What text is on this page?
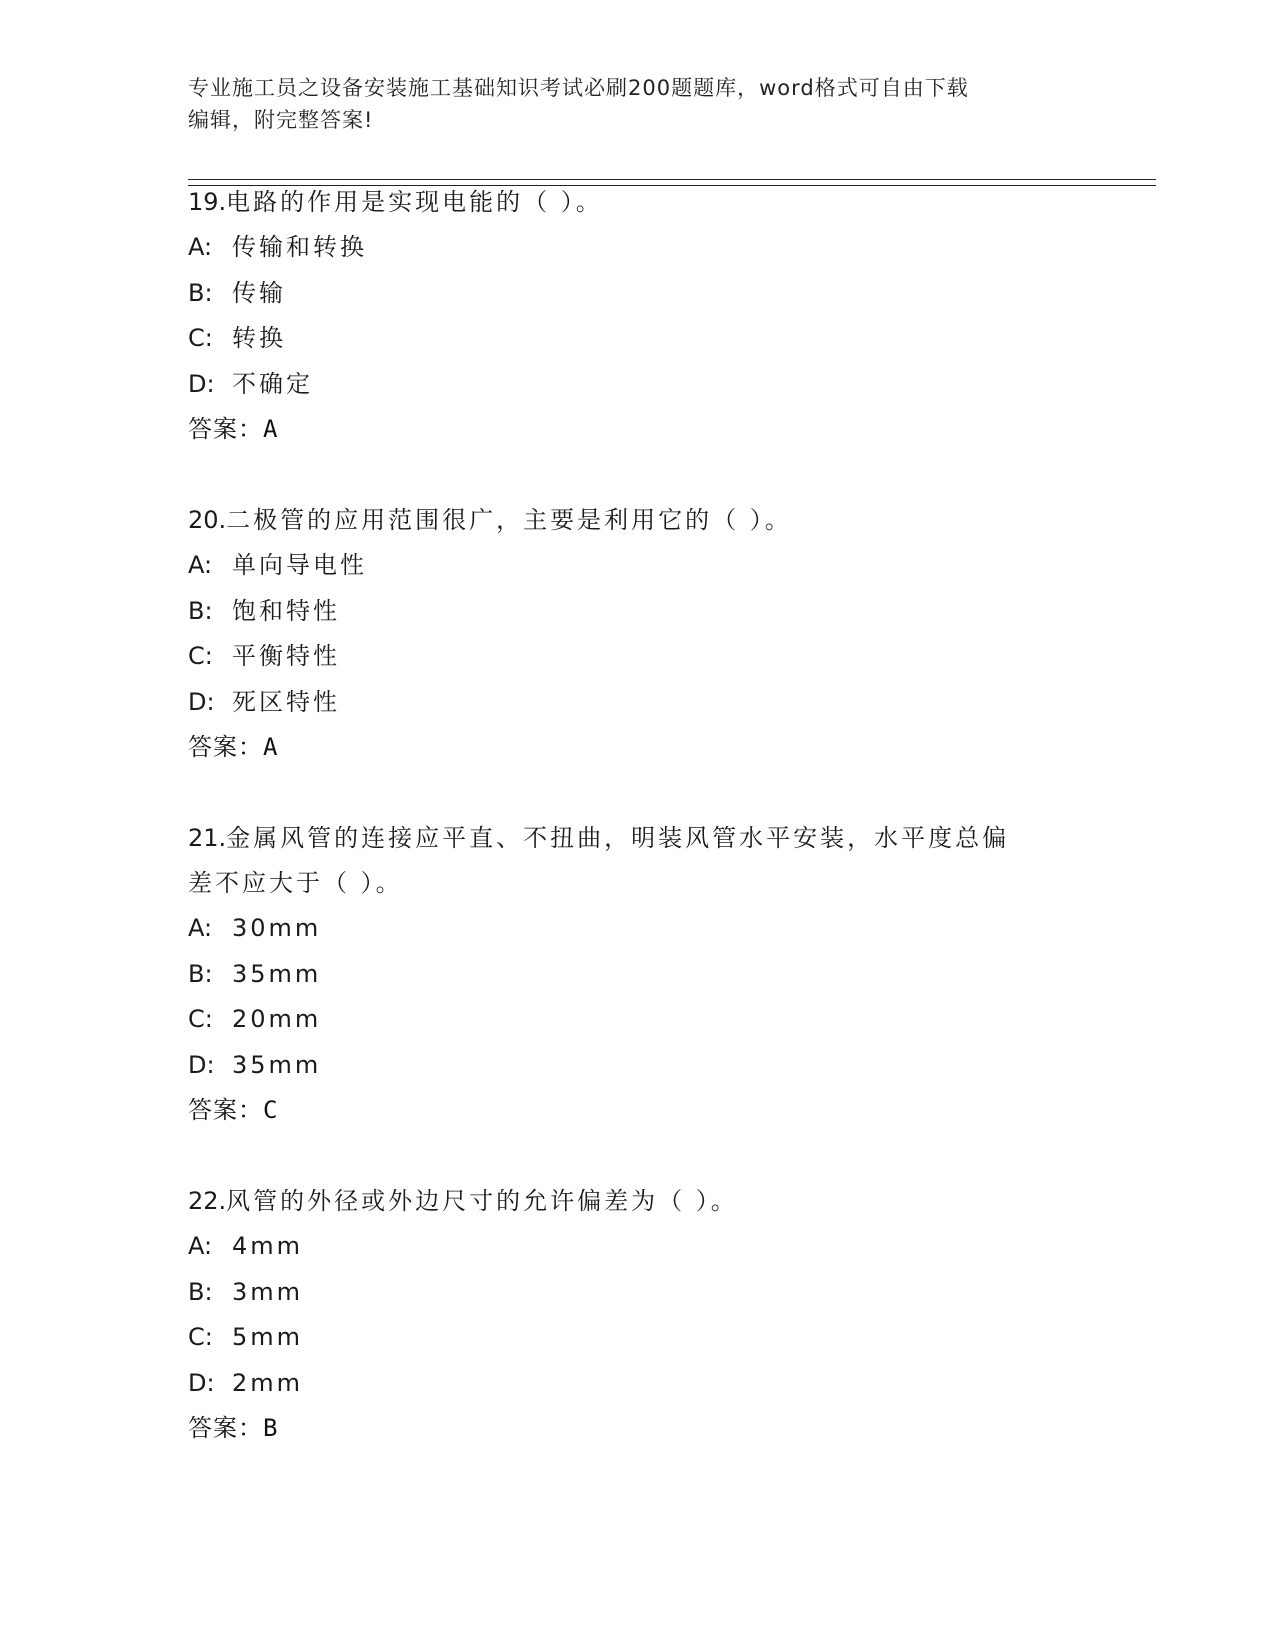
专业施工员之设备安装施工基础知识考试必刷200题题库，word格式可自由下载
编辑，附完整答案!
19.电路的作用是实现电能的（ ）。
A: 传输和转换
B: 传输
C: 转换
D: 不确定
答案：A
20.二极管的应用范围很广，主要是利用它的（ ）。
A: 单向导电性
B: 饱和特性
C: 平衡特性
D: 死区特性
答案：A
21.金属风管的连接应平直、不扭曲，明装风管水平安装，水平度总偏
差不应大于（ ）。
A: 30mm
B: 35mm
C: 20mm
D: 35mm
答案：C
22.风管的外径或外边尺寸的允许偏差为（ ）。
A: 4mm
B: 3mm
C: 5mm
D: 2mm
答案：B
